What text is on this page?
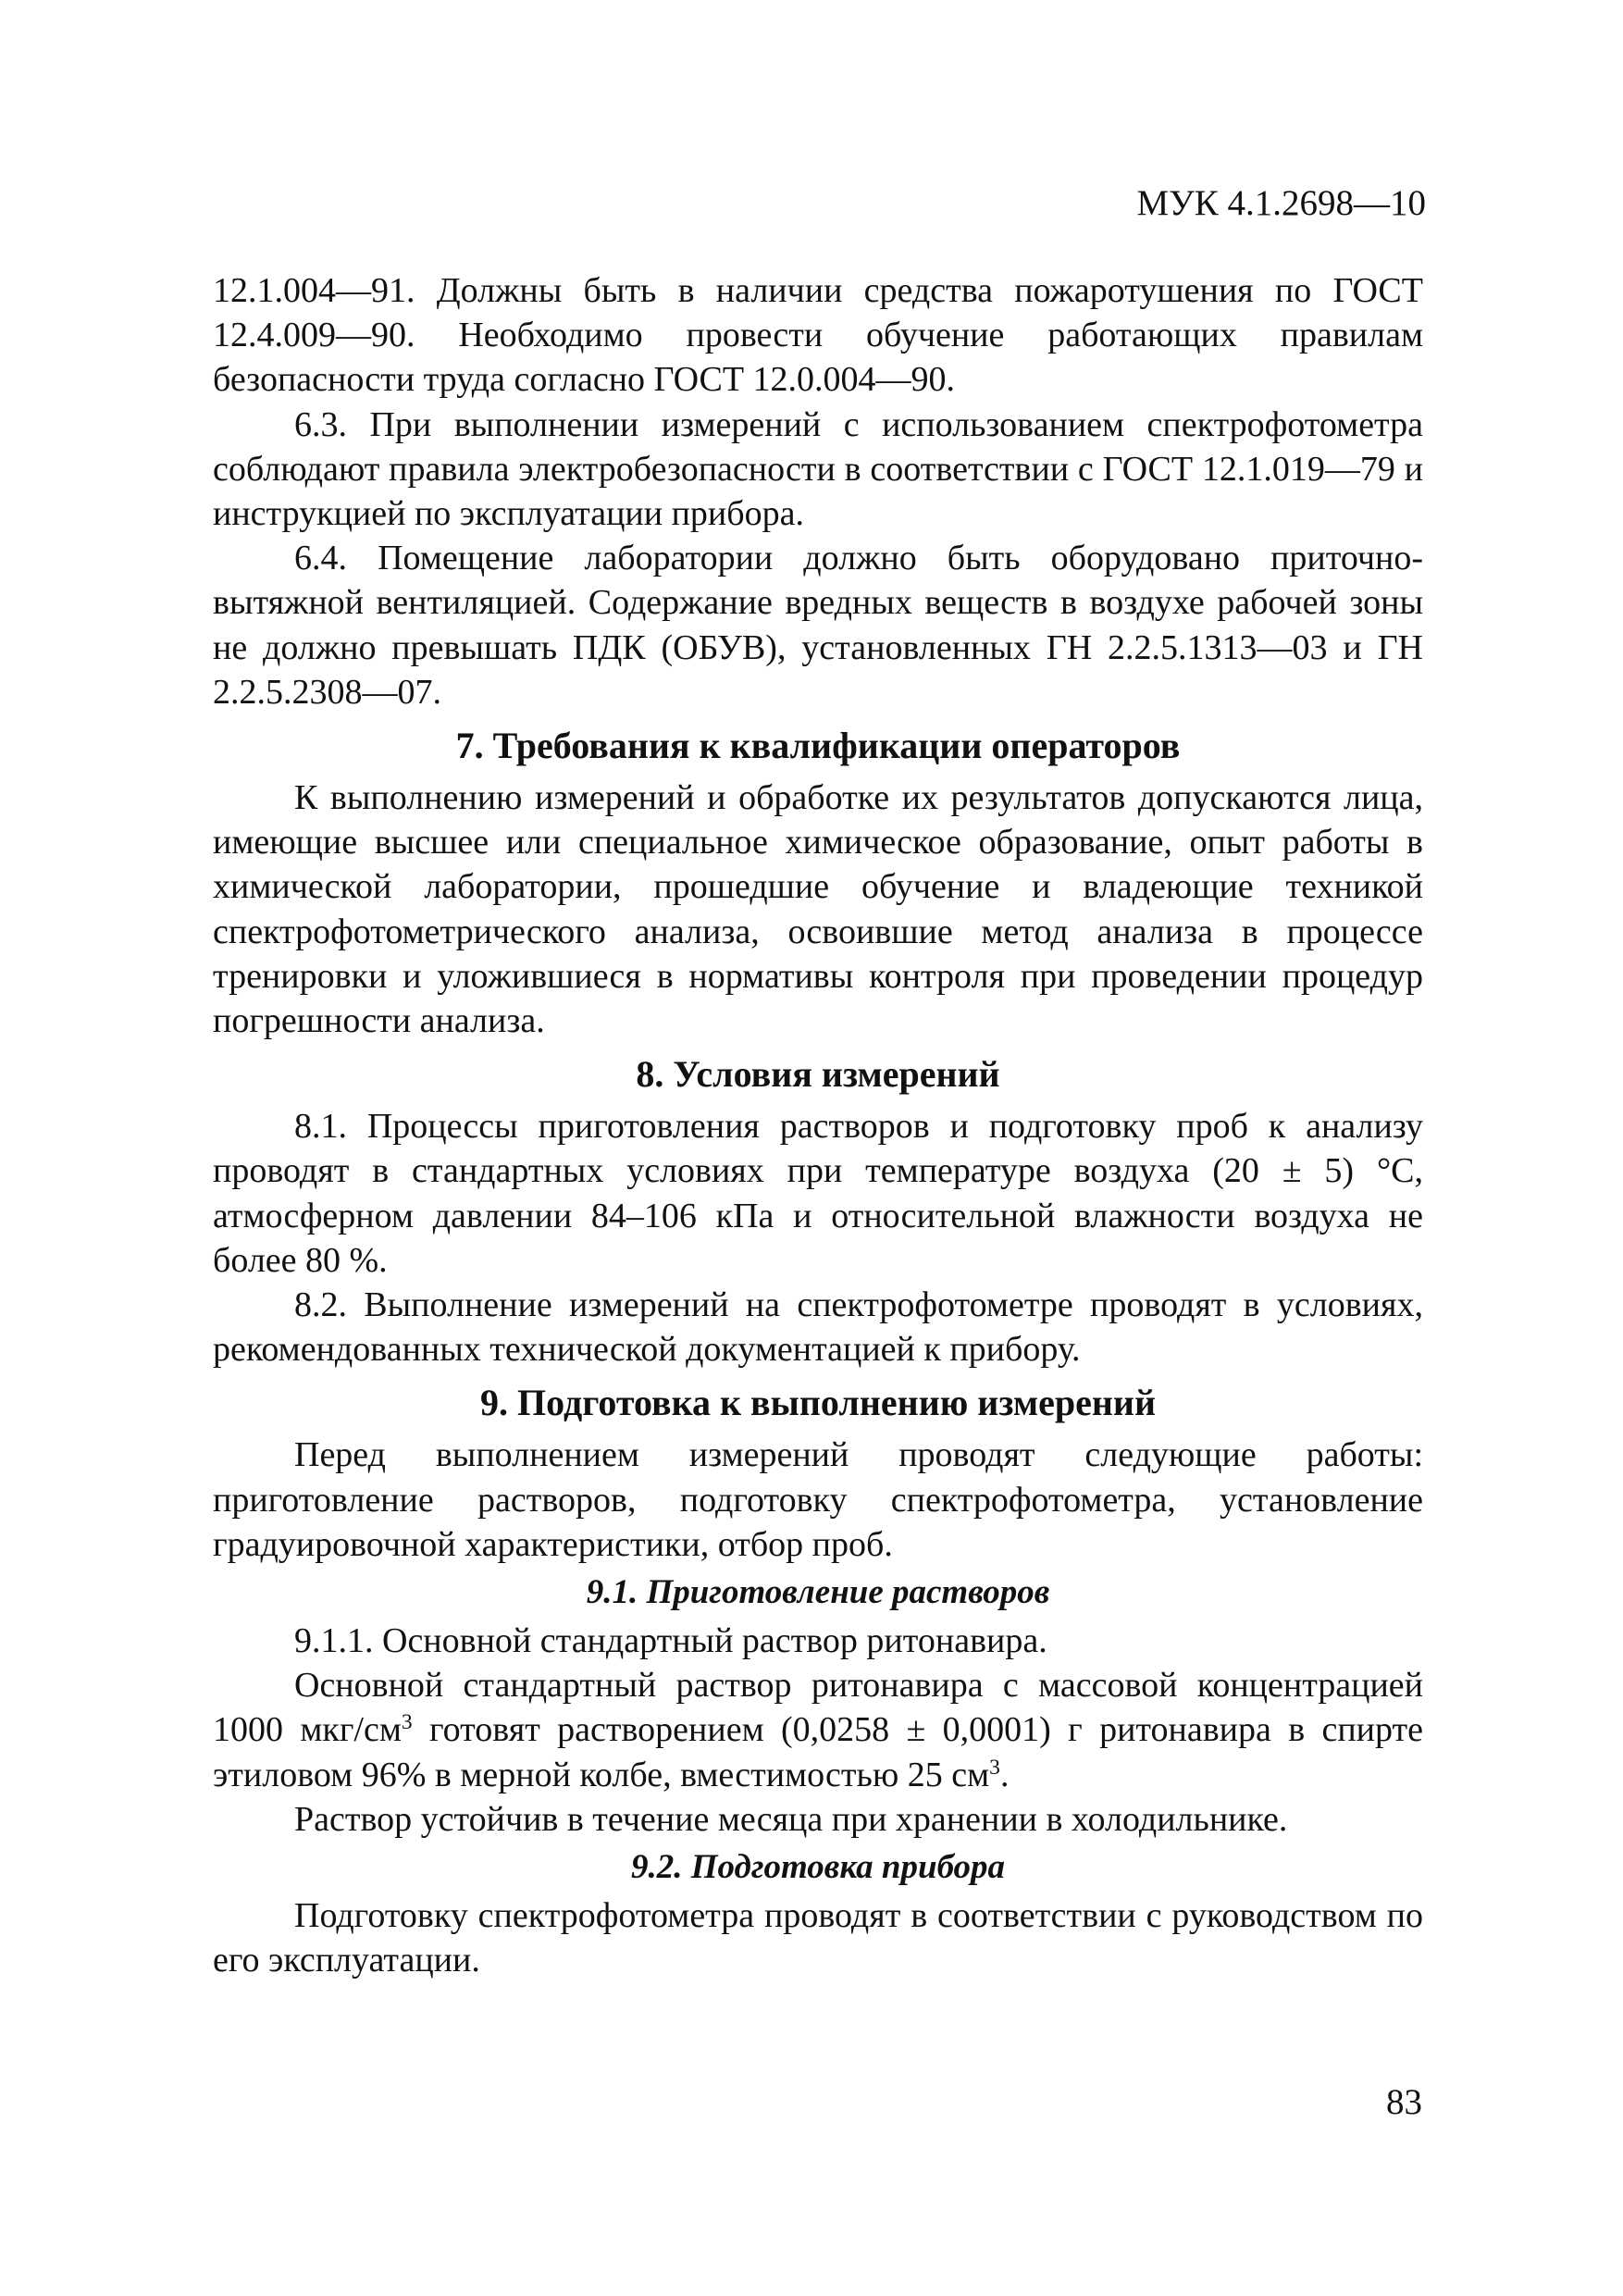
МУК 4.1.2698—10

12.1.004—91. Должны быть в наличии средства пожаротушения по ГОСТ 12.4.009—90. Необходимо провести обучение работающих правилам безопасности труда согласно ГОСТ 12.0.004—90.

6.3. При выполнении измерений с использованием спектрофотометра соблюдают правила электробезопасности в соответствии с ГОСТ 12.1.019—79 и инструкцией по эксплуатации прибора.

6.4. Помещение лаборатории должно быть оборудовано приточно-вытяжной вентиляцией. Содержание вредных веществ в воздухе рабочей зоны не должно превышать ПДК (ОБУВ), установленных ГН 2.2.5.1313—03 и ГН 2.2.5.2308—07.

7. Требования к квалификации операторов

К выполнению измерений и обработке их результатов допускаются лица, имеющие высшее или специальное химическое образование, опыт работы в химической лаборатории, прошедшие обучение и владеющие техникой спектрофотометрического анализа, освоившие метод анализа в процессе тренировки и уложившиеся в нормативы контроля при проведении процедур погрешности анализа.

8. Условия измерений

8.1. Процессы приготовления растворов и подготовку проб к анализу проводят в стандартных условиях при температуре воздуха (20 ± 5) °С, атмосферном давлении 84–106 кПа и относительной влажности воздуха не более 80 %.

8.2. Выполнение измерений на спектрофотометре проводят в условиях, рекомендованных технической документацией к прибору.

9. Подготовка к выполнению измерений

Перед выполнением измерений проводят следующие работы: приготовление растворов, подготовку спектрофотометра, установление градуировочной характеристики, отбор проб.

9.1. Приготовление растворов

9.1.1. Основной стандартный раствор ритонавира.

Основной стандартный раствор ритонавира с массовой концентрацией 1000 мкг/$см^3$ готовят растворением (0,0258 ± 0,0001) г ритонавира в спирте этиловом 96% в мерной колбе, вместимостью 25 $см^3$.

Раствор устойчив в течение месяца при хранении в холодильнике.

9.2. Подготовка прибора

Подготовку спектрофотометра проводят в соответствии с руководством по его эксплуатации.

83
